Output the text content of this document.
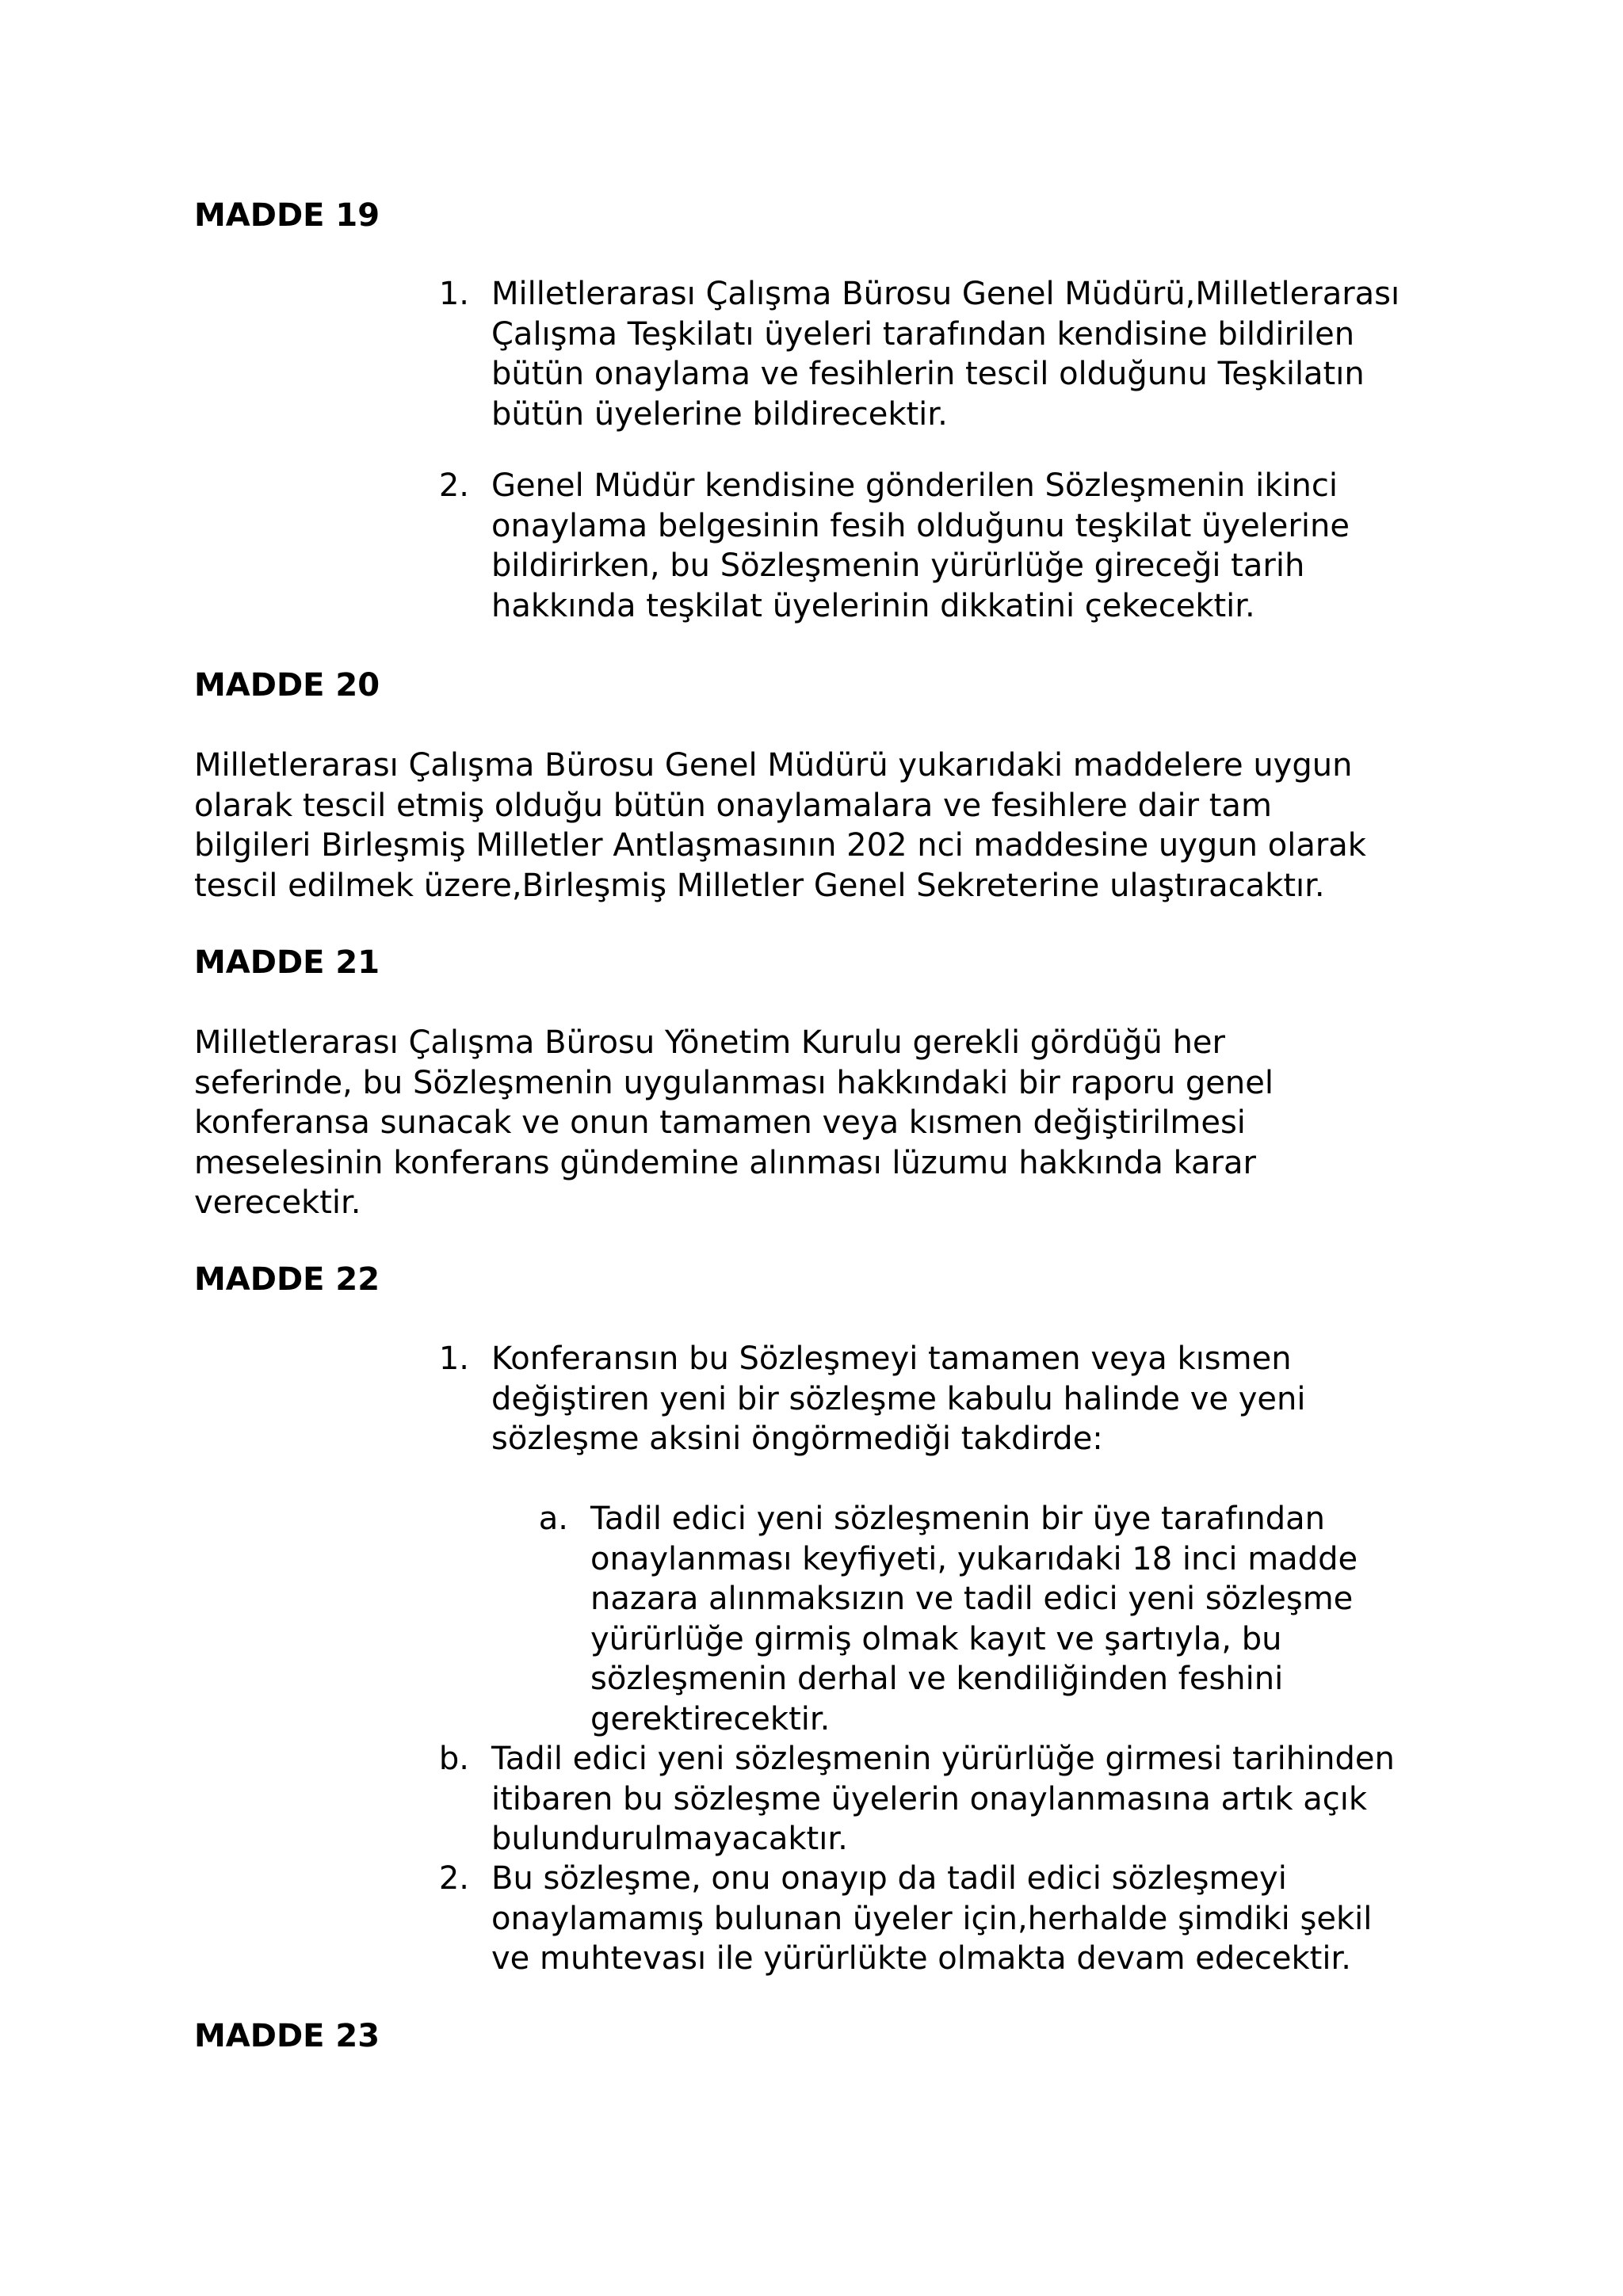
MADDE 19
1. Milletlerarası Çalışma Bürosu Genel Müdürü,Milletlerarası
Çalışma Teşkilatı üyeleri tarafından kendisine bildirilen
bütün onaylama ve fesihlerin tescil olduğunu Teşkilatın
bütün üyelerine bildirecektir.
2. Genel Müdür kendisine gönderilen Sözleşmenin ikinci
onaylama belgesinin fesih olduğunu teşkilat üyelerine
bildirirken, bu Sözleşmenin yürürlüğe gireceği tarih
hakkında teşkilat üyelerinin dikkatini çekecektir.
MADDE 20
Milletlerarası Çalışma Bürosu Genel Müdürü yukarıdaki maddelere uygun
olarak tescil etmiş olduğu bütün onaylamalara ve fesihlere dair tam
bilgileri Birleşmiş Milletler Antlaşmasının 202 nci maddesine uygun olarak
tescil edilmek üzere,Birleşmiş Milletler Genel Sekreterine ulaştıracaktır.
MADDE 21
Milletlerarası Çalışma Bürosu Yönetim Kurulu gerekli gördüğü her
seferinde, bu Sözleşmenin uygulanması hakkındaki bir raporu genel
konferansa sunacak ve onun tamamen veya kısmen değiştirilmesi
meselesinin konferans gündemine alınması lüzumu hakkında karar
verecektir.
MADDE 22
1. Konferansın bu Sözleşmeyi tamamen veya kısmen
değiştiren yeni bir sözleşme kabulu halinde ve yeni
sözleşme aksini öngörmediği takdirde:
a. Tadil edici yeni sözleşmenin bir üye tarafından
onaylanması keyfiyeti, yukarıdaki 18 inci madde
nazara alınmaksızın ve tadil edici yeni sözleşme
yürürlüğe girmiş olmak kayıt ve şartıyla, bu
sözleşmenin derhal ve kendiliğinden feshini
gerektirecektir.
b. Tadil edici yeni sözleşmenin yürürlüğe girmesi tarihinden
itibaren bu sözleşme üyelerin onaylanmasına artık açık
bulundurulmayacaktır.
2. Bu sözleşme, onu onayıp da tadil edici sözleşmeyi
onaylamamış bulunan üyeler için,herhalde şimdiki şekil
ve muhtevası ile yürürlükte olmakta devam edecektir.
MADDE 23
